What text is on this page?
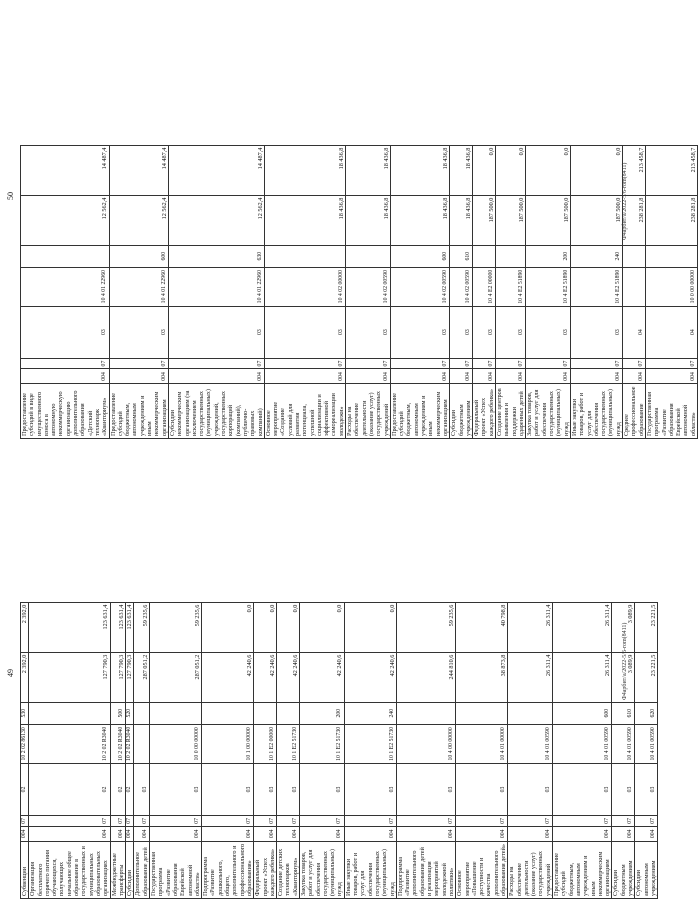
49
Субвенции	004	07	02	10 2 02 86130	530	2 392,0	2 392,0
Организация бесплатного горячего питания обучающихся, получающих начальное общее образование в государственных и муниципальных образовательных организациях	004	07	02	10 2 02 R3040		127 790,3	123 631,4
Межбюджетные трансферты	004	07	02	10 2 02 R3040	500	127 790,3	123 631,4
Субсидии	004	07	02	10 2 02 R3040	520	127 790,3	123 631,4
Дополнительное образование детей	004	07	03			287 051,2	59 235,6
Государственная программа «Развитие образования Еврейской автономной области»	004	07	03	10 0 00 00000		287 051,2	59 235,6
Подпрограмма «Развитие дошкольного, общего, дополнительного и профессионального образования»	004	07	03	10 1 00 00000		42 240,6	0,0
Федеральный проект «Успех каждого ребенка»	004	07	03	10 1 E2 00000		42 240,6	0,0
Создание детских технопарков «Кванториум»	004	07	03	10 1 E2 51730		42 240,6	0,0
Закупка товаров, работ и услуг для обеспечения государственных (муниципальных) нужд	004	07	03	10 1 E2 51730	200	42 240,6	0,0
Иные закупки товаров, работ и услуг для обеспечения государственных (муниципальных) нужд	004	07	03	10 1 E2 51730	240	42 240,6	0,0
Подпрограмма «Развитие дополнительного образования детей и реализация мероприятий молодежной политики»	004	07	03	10 4 00 00000		244 810,6	59 235,6
Основное мероприятие «Повышение доступности и качества дополнительного образования детей»	004	07	03	10 4 01 00000		38 873,8	40 798,8
Расходы на обеспечение деятельности (оказание услуг) государственных учреждений	004	07	03	10 4 01 00590		26 311,4	26 311,4
Предоставление субсидий бюджетным, автономным учреждениям и иным некоммерческим организациям	004	07	03	10 4 01 00590	600	26 311,4	26 311,4
Субсидии бюджетным учреждениям	004	07	03	10 4 01 00590	610	3 089,9	3 089,9
Субсидии автономным учреждениям	004	07	03	10 4 01 00590	620	23 221,5	23 221,5
Ф4арбит/а/2022-5/6-rom(8411)
50
Предоставление субсидий в виде имущественного взноса в автономную некоммерческую организацию дополнительного образования «Детский технопарк «Кванториум»	004	07	03	10 4 01 22960		12 562,4	14 487,4
Предоставление субсидий бюджетным, автономным учреждениям и иным некоммерческим организациям	004	07	03	10 4 01 22960	600	12 562,4	14 487,4
Субсидии некоммерческим организациям (за исключением государственных (муниципальных) учреждений, государственных корпораций (компаний), публично-правовых компаний)	004	07	03	10 4 01 22960	630	12 562,4	14 487,4
Основное мероприятие «Создание условий для развития потенциала, успешной социализации и эффективной самореализации молодежи»	004	07	03	10 4 02 00000		18 436,8	18 436,8
Расходы на обеспечение деятельности (оказание услуг) государственных учреждений	004	07	03	10 4 02 00590		18 436,8	18 436,8
Предоставление субсидий бюджетным, автономным учреждениям и иным некоммерческим организациям	004	07	03	10 4 02 00590	600	18 436,8	18 436,8
Субсидии бюджетным учреждениям	004	07	03	10 4 02 00590	610	18 436,8	18 436,8
Федеральный проект «Успех каждого ребенка»	004	07	03	10 4 E2 00000		187 500,0	0,0
Создание центров выявления и поддержки одаренных детей	004	07	03	10 4 E2 51890		187 500,0	0,0
Закупка товаров, работ и услуг для обеспечения государственных (муниципальных) нужд	004	07	03	10 4 E2 51890	200	187 500,0	0,0
Иные закупки товаров, работ и услуг для обеспечения государственных (муниципальных) нужд	004	07	03	10 4 E2 51890	240	187 500,0	0,0
Среднее профессиональное образование	004	07	04			238 281,8	213 458,7
Государственная программа «Развитие образования Еврейской автономной области»	004	07	04	10 0 00 00000		238 281,8	213 458,7
Ф4арбит/а/2022-5/6-rom(8411)
